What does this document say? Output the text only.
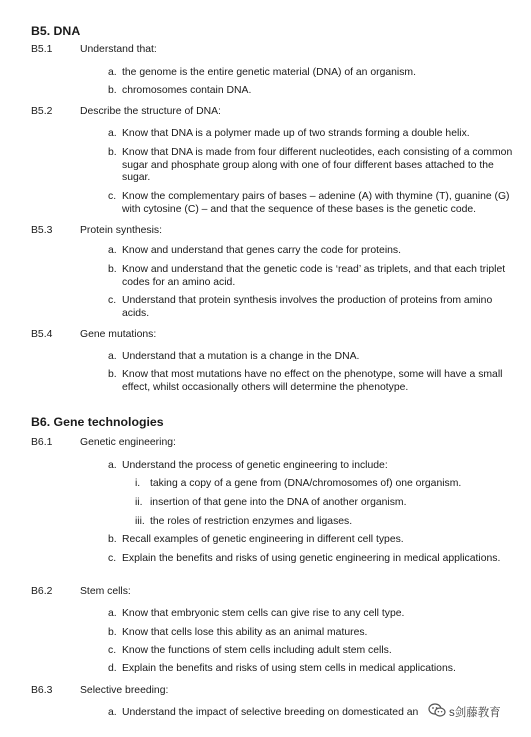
B5. DNA
B5.1	Understand that:
a. the genome is the entire genetic material (DNA) of an organism.
b. chromosomes contain DNA.
B5.2	Describe the structure of DNA:
a. Know that DNA is a polymer made up of two strands forming a double helix.
b. Know that DNA is made from four different nucleotides, each consisting of a common sugar and phosphate group along with one of four different bases attached to the sugar.
c. Know the complementary pairs of bases – adenine (A) with thymine (T), guanine (G) with cytosine (C) – and that the sequence of these bases is the genetic code.
B5.3	Protein synthesis:
a. Know and understand that genes carry the code for proteins.
b. Know and understand that the genetic code is ‘read’ as triplets, and that each triplet codes for an amino acid.
c. Understand that protein synthesis involves the production of proteins from amino acids.
B5.4	Gene mutations:
a. Understand that a mutation is a change in the DNA.
b. Know that most mutations have no effect on the phenotype, some will have a small effect, whilst occasionally others will determine the phenotype.
B6. Gene technologies
B6.1	Genetic engineering:
a. Understand the process of genetic engineering to include:
i. taking a copy of a gene from (DNA/chromosomes of) one organism.
ii. insertion of that gene into the DNA of another organism.
iii. the roles of restriction enzymes and ligases.
b. Recall examples of genetic engineering in different cell types.
c. Explain the benefits and risks of using genetic engineering in medical applications.
B6.2	Stem cells:
a. Know that embryonic stem cells can give rise to any cell type.
b. Know that cells lose this ability as an animal matures.
c. Know the functions of stem cells including adult stem cells.
d. Explain the benefits and risks of using stem cells in medical applications.
B6.3	Selective breeding:
a. Understand the impact of selective breeding on domesticated an	s剑藤教育
